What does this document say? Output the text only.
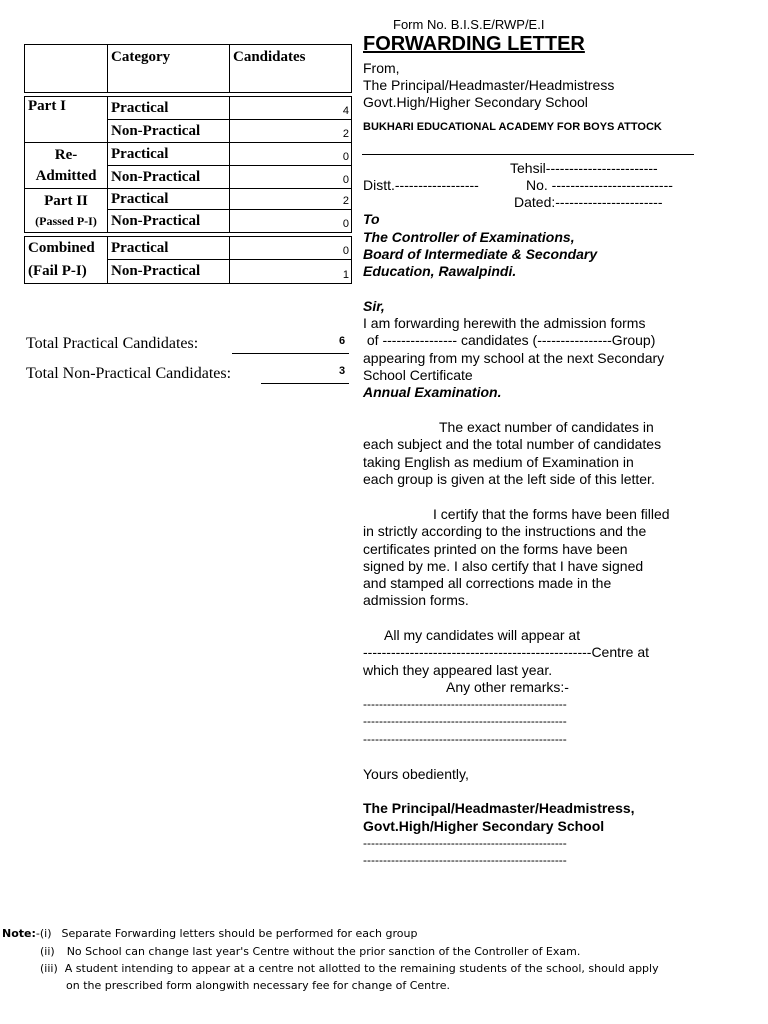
	Category	Candidates

Part I	Practical	4
	Non-Practical	2
Re-
Admitted	Practical	0
	Non-Practical	0
Part II
(Passed P-I)	Practical	2
	Non-Practical	0

Combined
(Fail P-I)	Practical	0
	Non-Practical	1
Total Practical Candidates:	6
Total Non-Practical Candidates:	3
Form No. B.I.S.E/RWP/E.I
FORWARDING LETTER
From,
The Principal/Headmaster/Headmistress
Govt.High/Higher Secondary School
BUKHARI EDUCATIONAL ACADEMY FOR BOYS ATTOCK
Tehsil------------------------
Distt.------------------	No. --------------------------
Dated:-----------------------
To
The Controller of Examinations,
Board of Intermediate & Secondary
Education, Rawalpindi.
Sir,
I am forwarding herewith the admission forms
of ---------------- candidates (----------------Group)
appearing from my school at the next Secondary
School Certificate
Annual Examination.
The exact number of candidates in
each subject and the total number of candidates
taking English as medium of Examination in
each group is given at the left side of this letter.
I certify that the forms have been filled
in strictly according to the instructions and the
certificates printed on the forms have been
signed by me. I also certify that I have signed
and stamped all corrections made in the
admission forms.
All my candidates will appear at
-------------------------------------------------Centre at
which they appeared last year.
Any other remarks:-
---------------------------------------------------
---------------------------------------------------
---------------------------------------------------
Yours obediently,
The Principal/Headmaster/Headmistress,
Govt.High/Higher Secondary School
---------------------------------------------------
---------------------------------------------------
Note:-(i) Separate Forwarding letters should be performed for each group
(ii) No School can change last year's Centre without the prior sanction of the Controller of Exam.
(iii) A student intending to appear at a centre not allotted to the remaining students of the school, should apply
on the prescribed form alongwith necessary fee for change of Centre.
